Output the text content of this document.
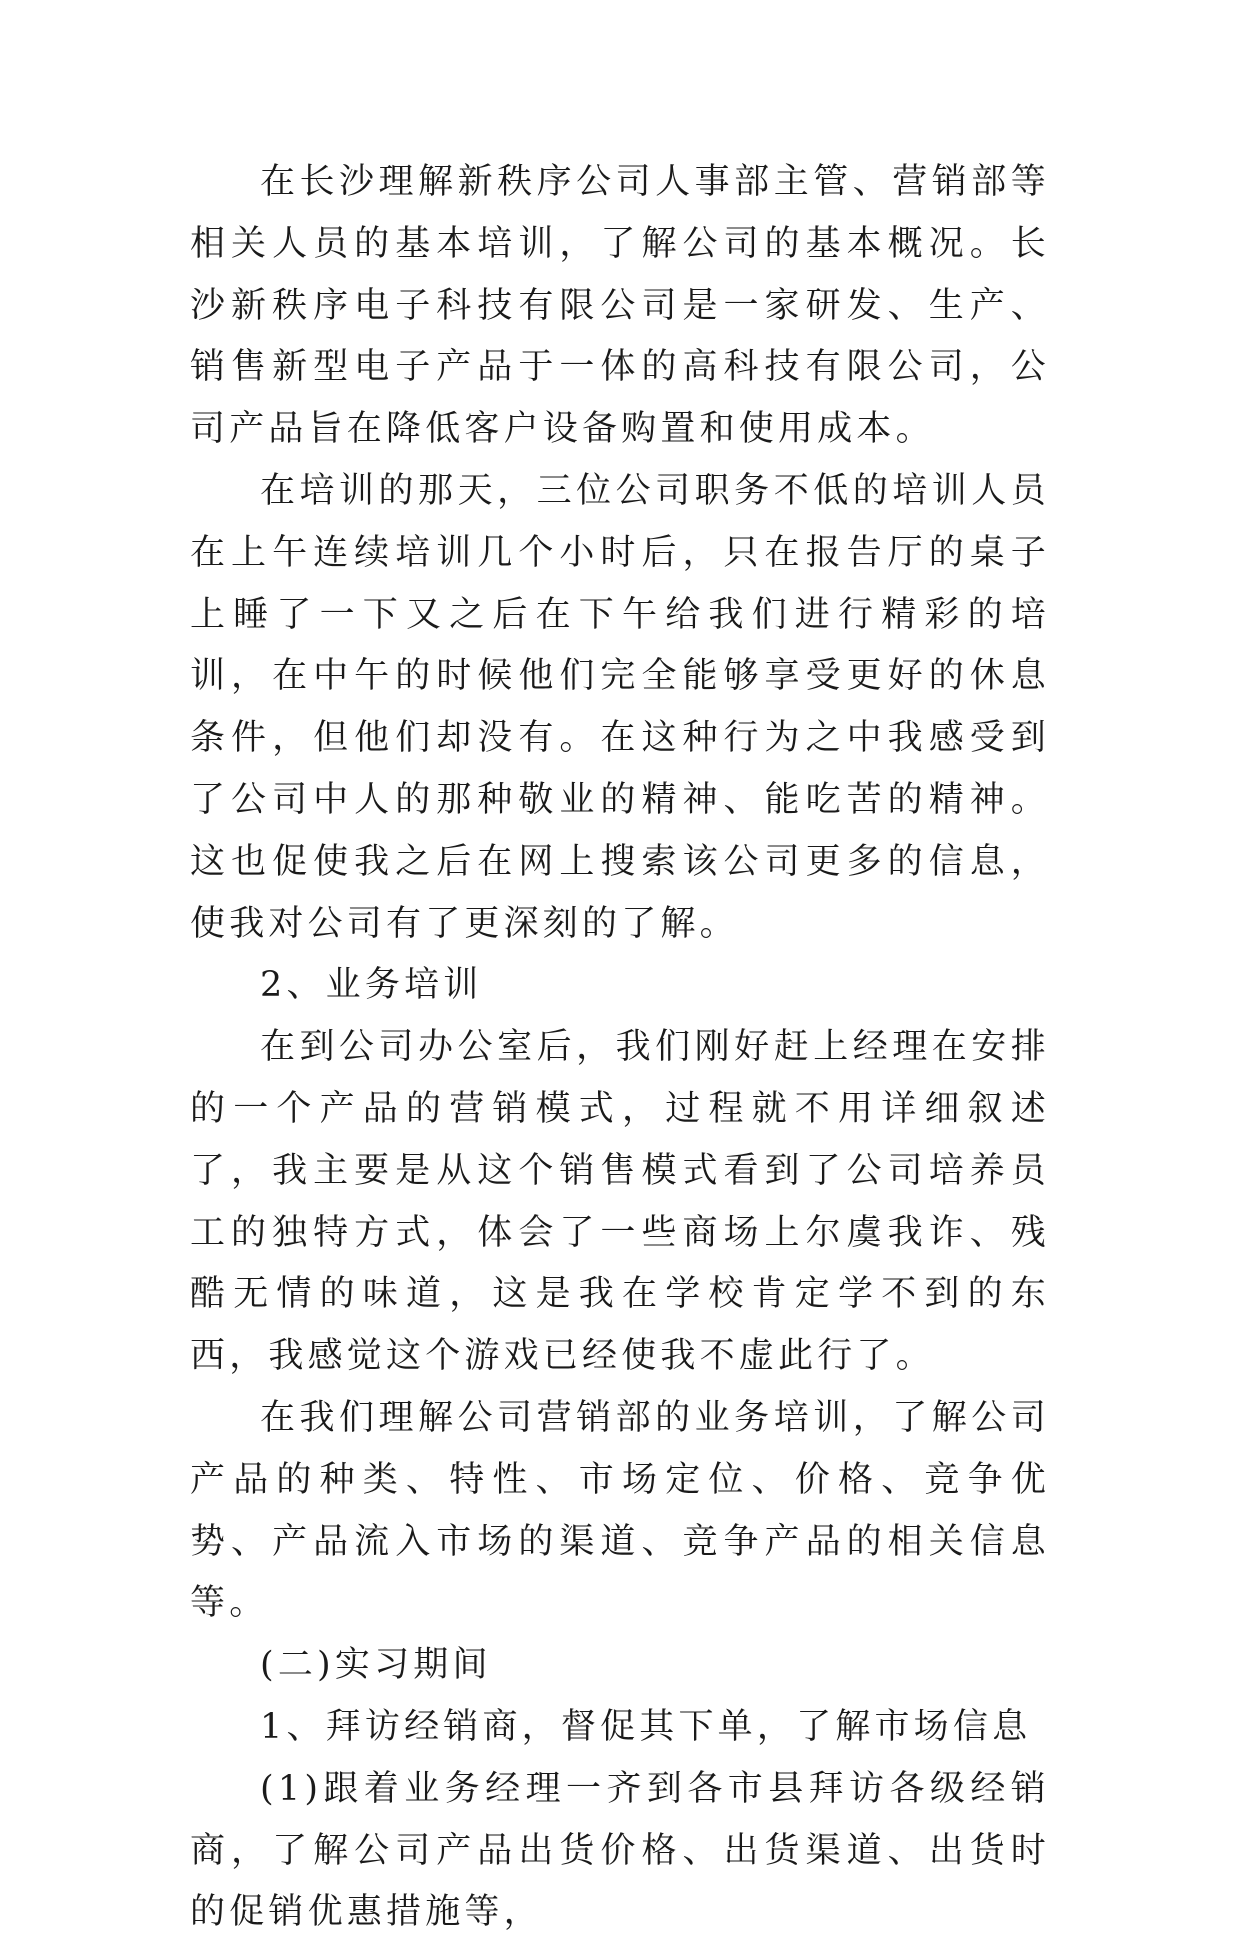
在长沙理解新秩序公司人事部主管、营销部等相关人员的基本培训，了解公司的基本概况。长沙新秩序电子科技有限公司是一家研发、生产、销售新型电子产品于一体的高科技有限公司，公司产品旨在降低客户设备购置和使用成本。

在培训的那天，三位公司职务不低的培训人员在上午连续培训几个小时后，只在报告厅的桌子上睡了一下又之后在下午给我们进行精彩的培训，在中午的时候他们完全能够享受更好的休息条件，但他们却没有。在这种行为之中我感受到了公司中人的那种敬业的精神、能吃苦的精神。这也促使我之后在网上搜索该公司更多的信息，使我对公司有了更深刻的了解。

2、业务培训

在到公司办公室后，我们刚好赶上经理在安排的一个产品的营销模式，过程就不用详细叙述了，我主要是从这个销售模式看到了公司培养员工的独特方式，体会了一些商场上尔虞我诈、残酷无情的味道，这是我在学校肯定学不到的东西，我感觉这个游戏已经使我不虚此行了。

在我们理解公司营销部的业务培训，了解公司产品的种类、特性、市场定位、价格、竞争优势、产品流入市场的渠道、竞争产品的相关信息等。

(二)实习期间

1、拜访经销商，督促其下单，了解市场信息

(1)跟着业务经理一齐到各市县拜访各级经销商，了解公司产品出货价格、出货渠道、出货时的促销优惠措施等，
